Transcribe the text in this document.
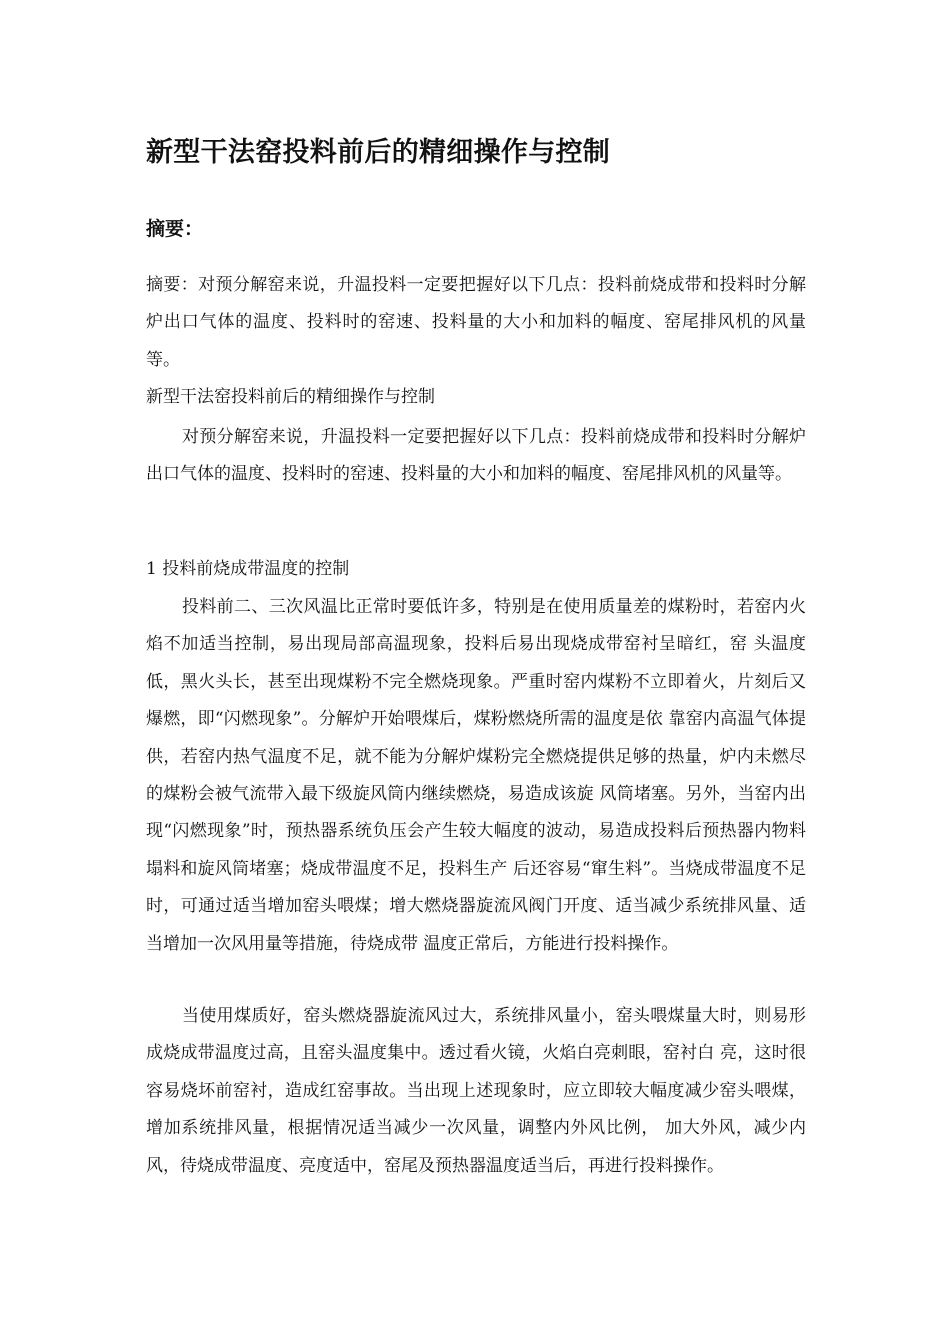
新型干法窑投料前后的精细操作与控制
摘要：

摘要：对预分解窑来说，升温投料一定要把握好以下几点：投料前烧成带和投料时分解炉出口气体的温度、投料时的窑速、投料量的大小和加料的幅度、窑尾排风机的风量等。

新型干法窑投料前后的精细操作与控制

对预分解窑来说，升温投料一定要把握好以下几点：投料前烧成带和投料时分解炉出口气体的温度、投料时的窑速、投料量的大小和加料的幅度、窑尾排风机的风量等。

1 投料前烧成带温度的控制

投料前二、三次风温比正常时要低许多，特别是在使用质量差的煤粉时，若窑内火焰不加适当控制，易出现局部高温现象，投料后易出现烧成带窑衬呈暗红，窑 头温度低，黑火头长，甚至出现煤粉不完全燃烧现象。严重时窑内煤粉不立即着火，片刻后又爆燃，即“闪燃现象”。分解炉开始喂煤后，煤粉燃烧所需的温度是依 靠窑内高温气体提供，若窑内热气温度不足，就不能为分解炉煤粉完全燃烧提供足够的热量，炉内未燃尽的煤粉会被气流带入最下级旋风筒内继续燃烧，易造成该旋 风筒堵塞。另外，当窑内出现“闪燃现象”时，预热器系统负压会产生较大幅度的波动，易造成投料后预热器内物料塌料和旋风筒堵塞；烧成带温度不足，投料生产 后还容易“窜生料”。当烧成带温度不足时，可通过适当增加窑头喂煤；增大燃烧器旋流风阀门开度、适当减少系统排风量、适当增加一次风用量等措施，待烧成带 温度正常后，方能进行投料操作。

当使用煤质好，窑头燃烧器旋流风过大，系统排风量小，窑头喂煤量大时，则易形成烧成带温度过高，且窑头温度集中。透过看火镜，火焰白亮刺眼，窑衬白 亮，这时很容易烧坏前窑衬，造成红窑事故。当出现上述现象时，应立即较大幅度减少窑头喂煤，增加系统排风量，根据情况适当减少一次风量，调整内外风比例， 加大外风，减少内风，待烧成带温度、亮度适中，窑尾及预热器温度适当后，再进行投料操作。
